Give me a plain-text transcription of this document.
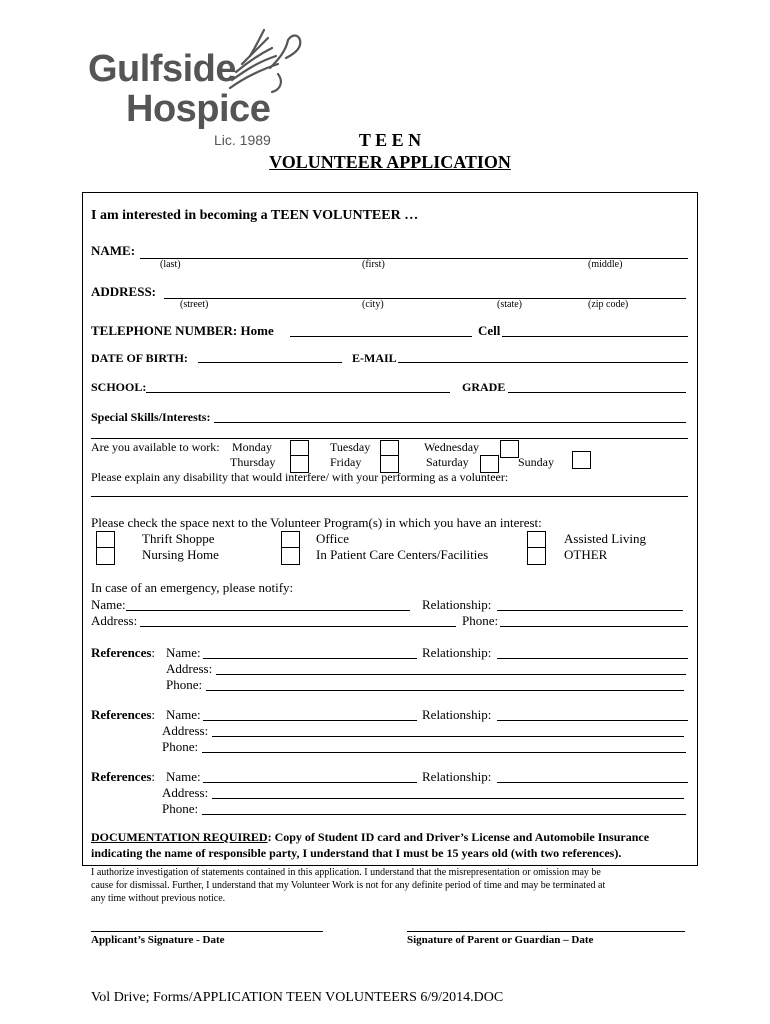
Gulfside
Hospice
Lic. 1989	T E E N
VOLUNTEER APPLICATION
I am interested in becoming a TEEN VOLUNTEER …
NAME:
(last)	(first)	(middle)
ADDRESS:
(street)	(city)	(state)	(zip code)
TELEPHONE NUMBER: Home	Cell
DATE OF BIRTH:	E-MAIL
SCHOOL:	GRADE
Special Skills/Interests:
Are you available to work: Monday	Tuesday	Wednesday
Thursday	Friday	Saturday	Sunday
Please explain any disability that would interfere/ with your performing as a volunteer:
Please check the space next to the Volunteer Program(s) in which you have an interest:
Thrift Shoppe	Office	Assisted Living
Nursing Home	In Patient Care Centers/Facilities	OTHER
In case of an emergency, please notify:
Name:	Relationship:
Address:	Phone:
References: Name:	Relationship:
Address:
Phone:
References: Name:	Relationship:
Address:
Phone:
References: Name:	Relationship:
Address:
Phone:
DOCUMENTATION REQUIRED: Copy of Student ID card and Driver’s License and Automobile Insurance
indicating the name of responsible party, I understand that I must be 15 years old (with two references).
I authorize investigation of statements contained in this application. I understand that the misrepresentation or omission may be
cause for dismissal. Further, I understand that my Volunteer Work is not for any definite period of time and may be terminated at
any time without previous notice.
Applicant’s Signature - Date	Signature of Parent or Guardian – Date
Vol Drive; Forms/APPLICATION TEEN VOLUNTEERS 6/9/2014.DOC
